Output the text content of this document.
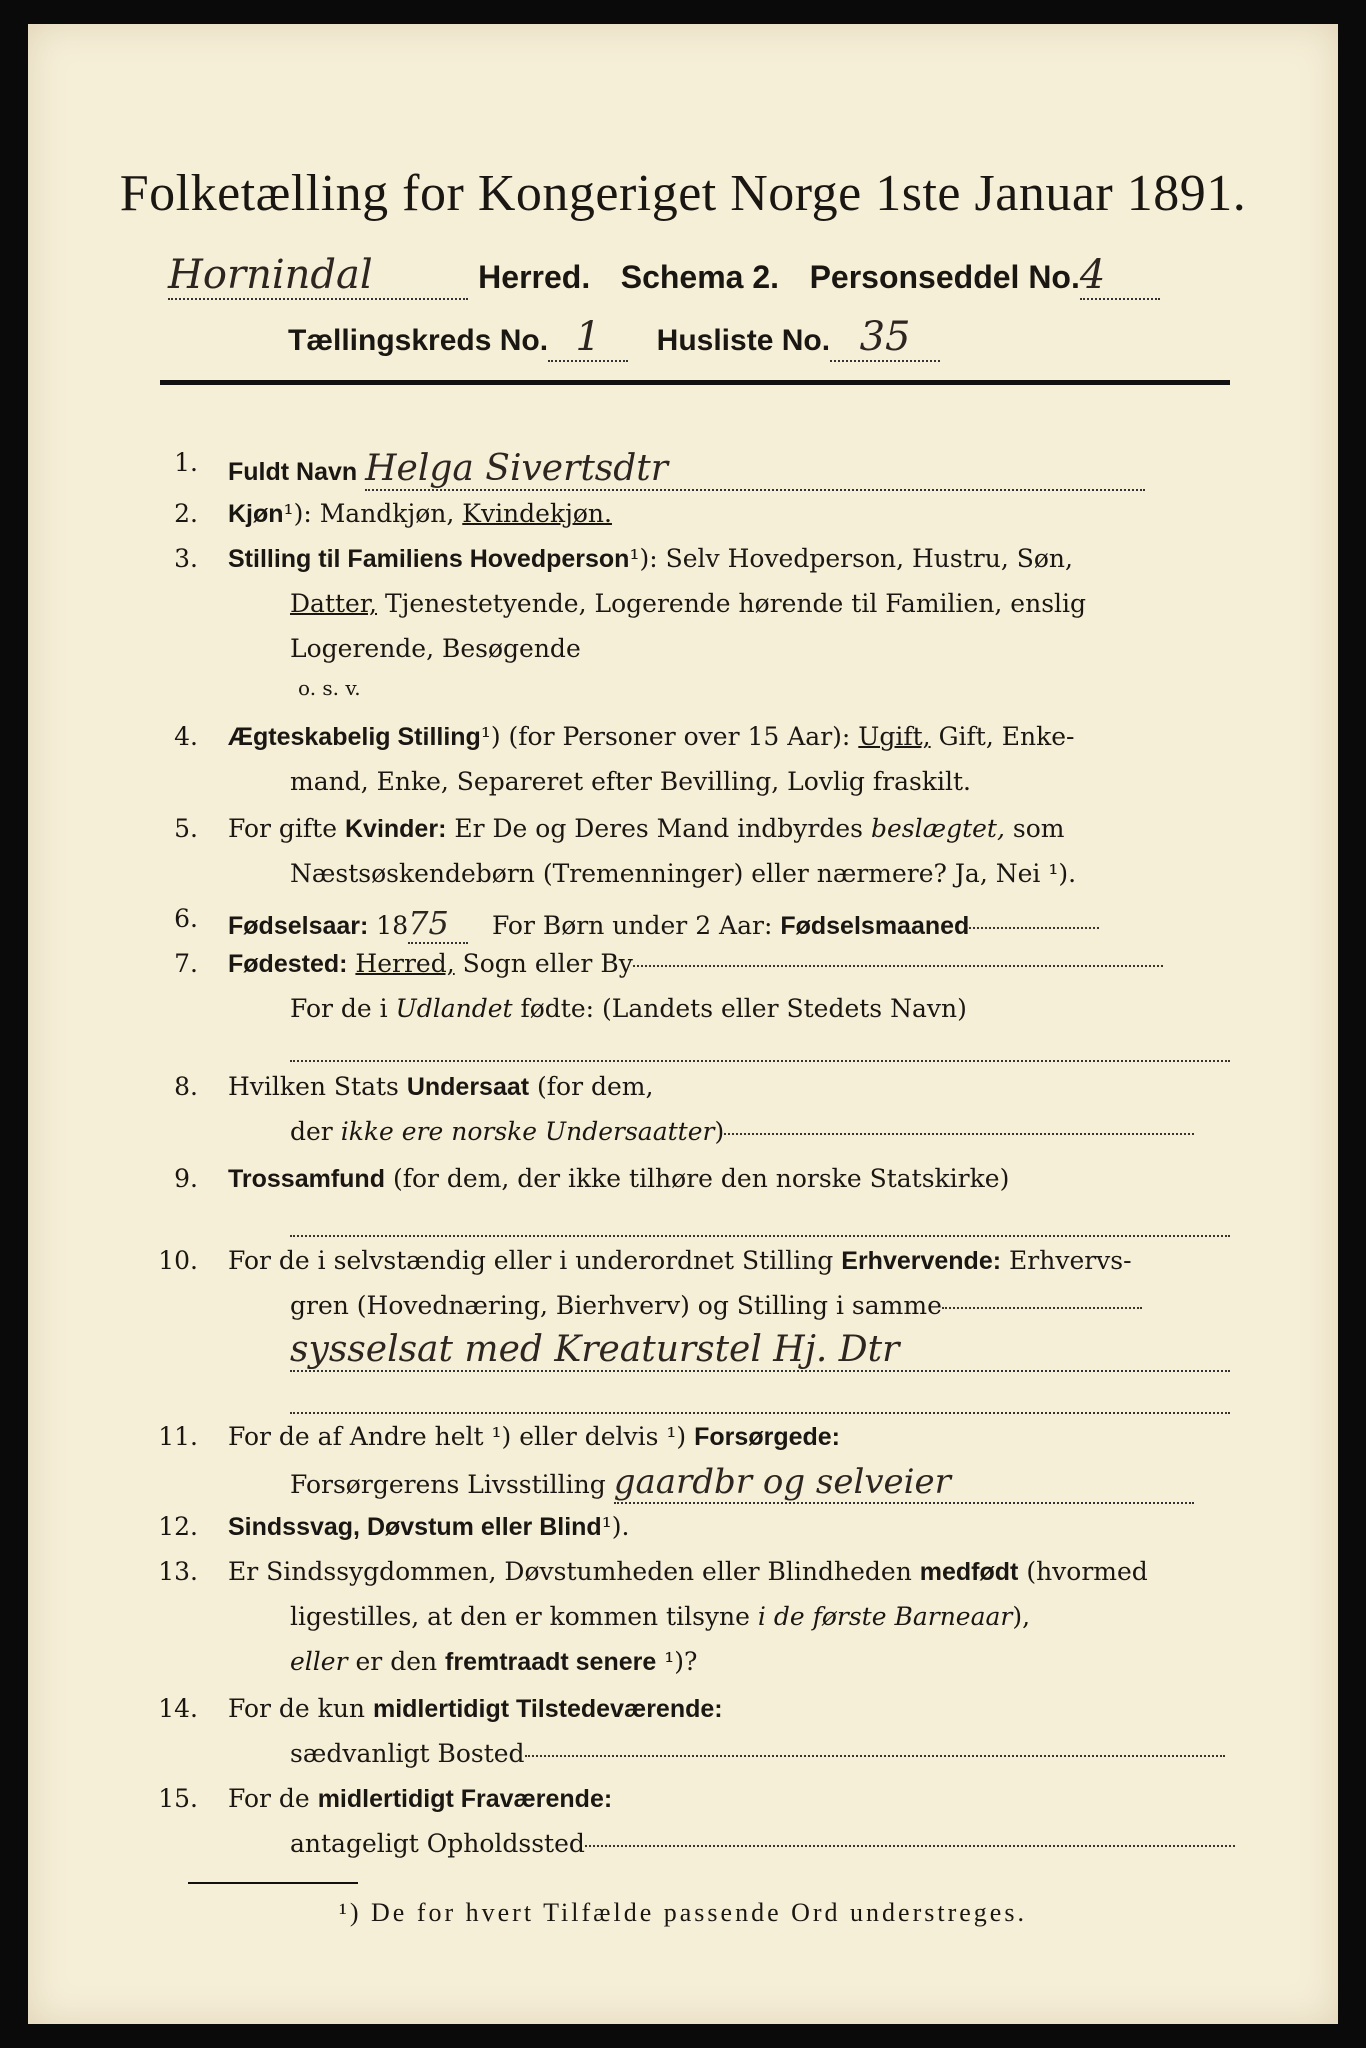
Folketælling for Kongeriget Norge 1ste Januar 1891.
Hornindal	Herred. Schema 2. Personseddel No.4
Tællingskreds No. 1 Husliste No. 35
1. Fuldt Navn Helga Sivertsdtr
2. Kjøn¹): Mandkjøn, Kvindekjøn.
3. Stilling til Familiens Hovedperson¹): Selv Hovedperson, Hustru, Søn,
Datter, Tjenestetyende, Logerende hørende til Familien, enslig
Logerende, Besøgende
o. s. v.
4. Ægteskabelig Stilling¹) (for Personer over 15 Aar): Ugift, Gift, Enke-
mand, Enke, Separeret efter Bevilling, Lovlig fraskilt.
5. For gifte Kvinder: Er De og Deres Mand indbyrdes beslægtet, som
Næstsøskendebørn (Tremenninger) eller nærmere? Ja, Nei ¹).
6. Fødselsaar: 1875 For Børn under 2 Aar: Fødselsmaaned
7. Fødested: Herred, Sogn eller By
For de i Udlandet fødte: (Landets eller Stedets Navn)
8. Hvilken Stats Undersaat (for dem,
der ikke ere norske Undersaatter)
9. Trossamfund (for dem, der ikke tilhøre den norske Statskirke)
10. For de i selvstændig eller i underordnet Stilling Erhvervende: Erhvervs-
gren (Hovednæring, Bierhverv) og Stilling i samme
sysselsat med Kreaturstel Hj. Dtr
11. For de af Andre helt ¹) eller delvis ¹) Forsørgede:
Forsørgerens Livsstilling gaardbr og selveier
12. Sindssvag, Døvstum eller Blind¹).
13. Er Sindssygdommen, Døvstumheden eller Blindheden medfødt (hvormed
ligestilles, at den er kommen tilsyne i de første Barneaar),
eller er den fremtraadt senere ¹)?
14. For de kun midlertidigt Tilstedeværende:
sædvanligt Bosted
15. For de midlertidigt Fraværende:
antageligt Opholdssted
¹) De for hvert Tilfælde passende Ord understreges.
